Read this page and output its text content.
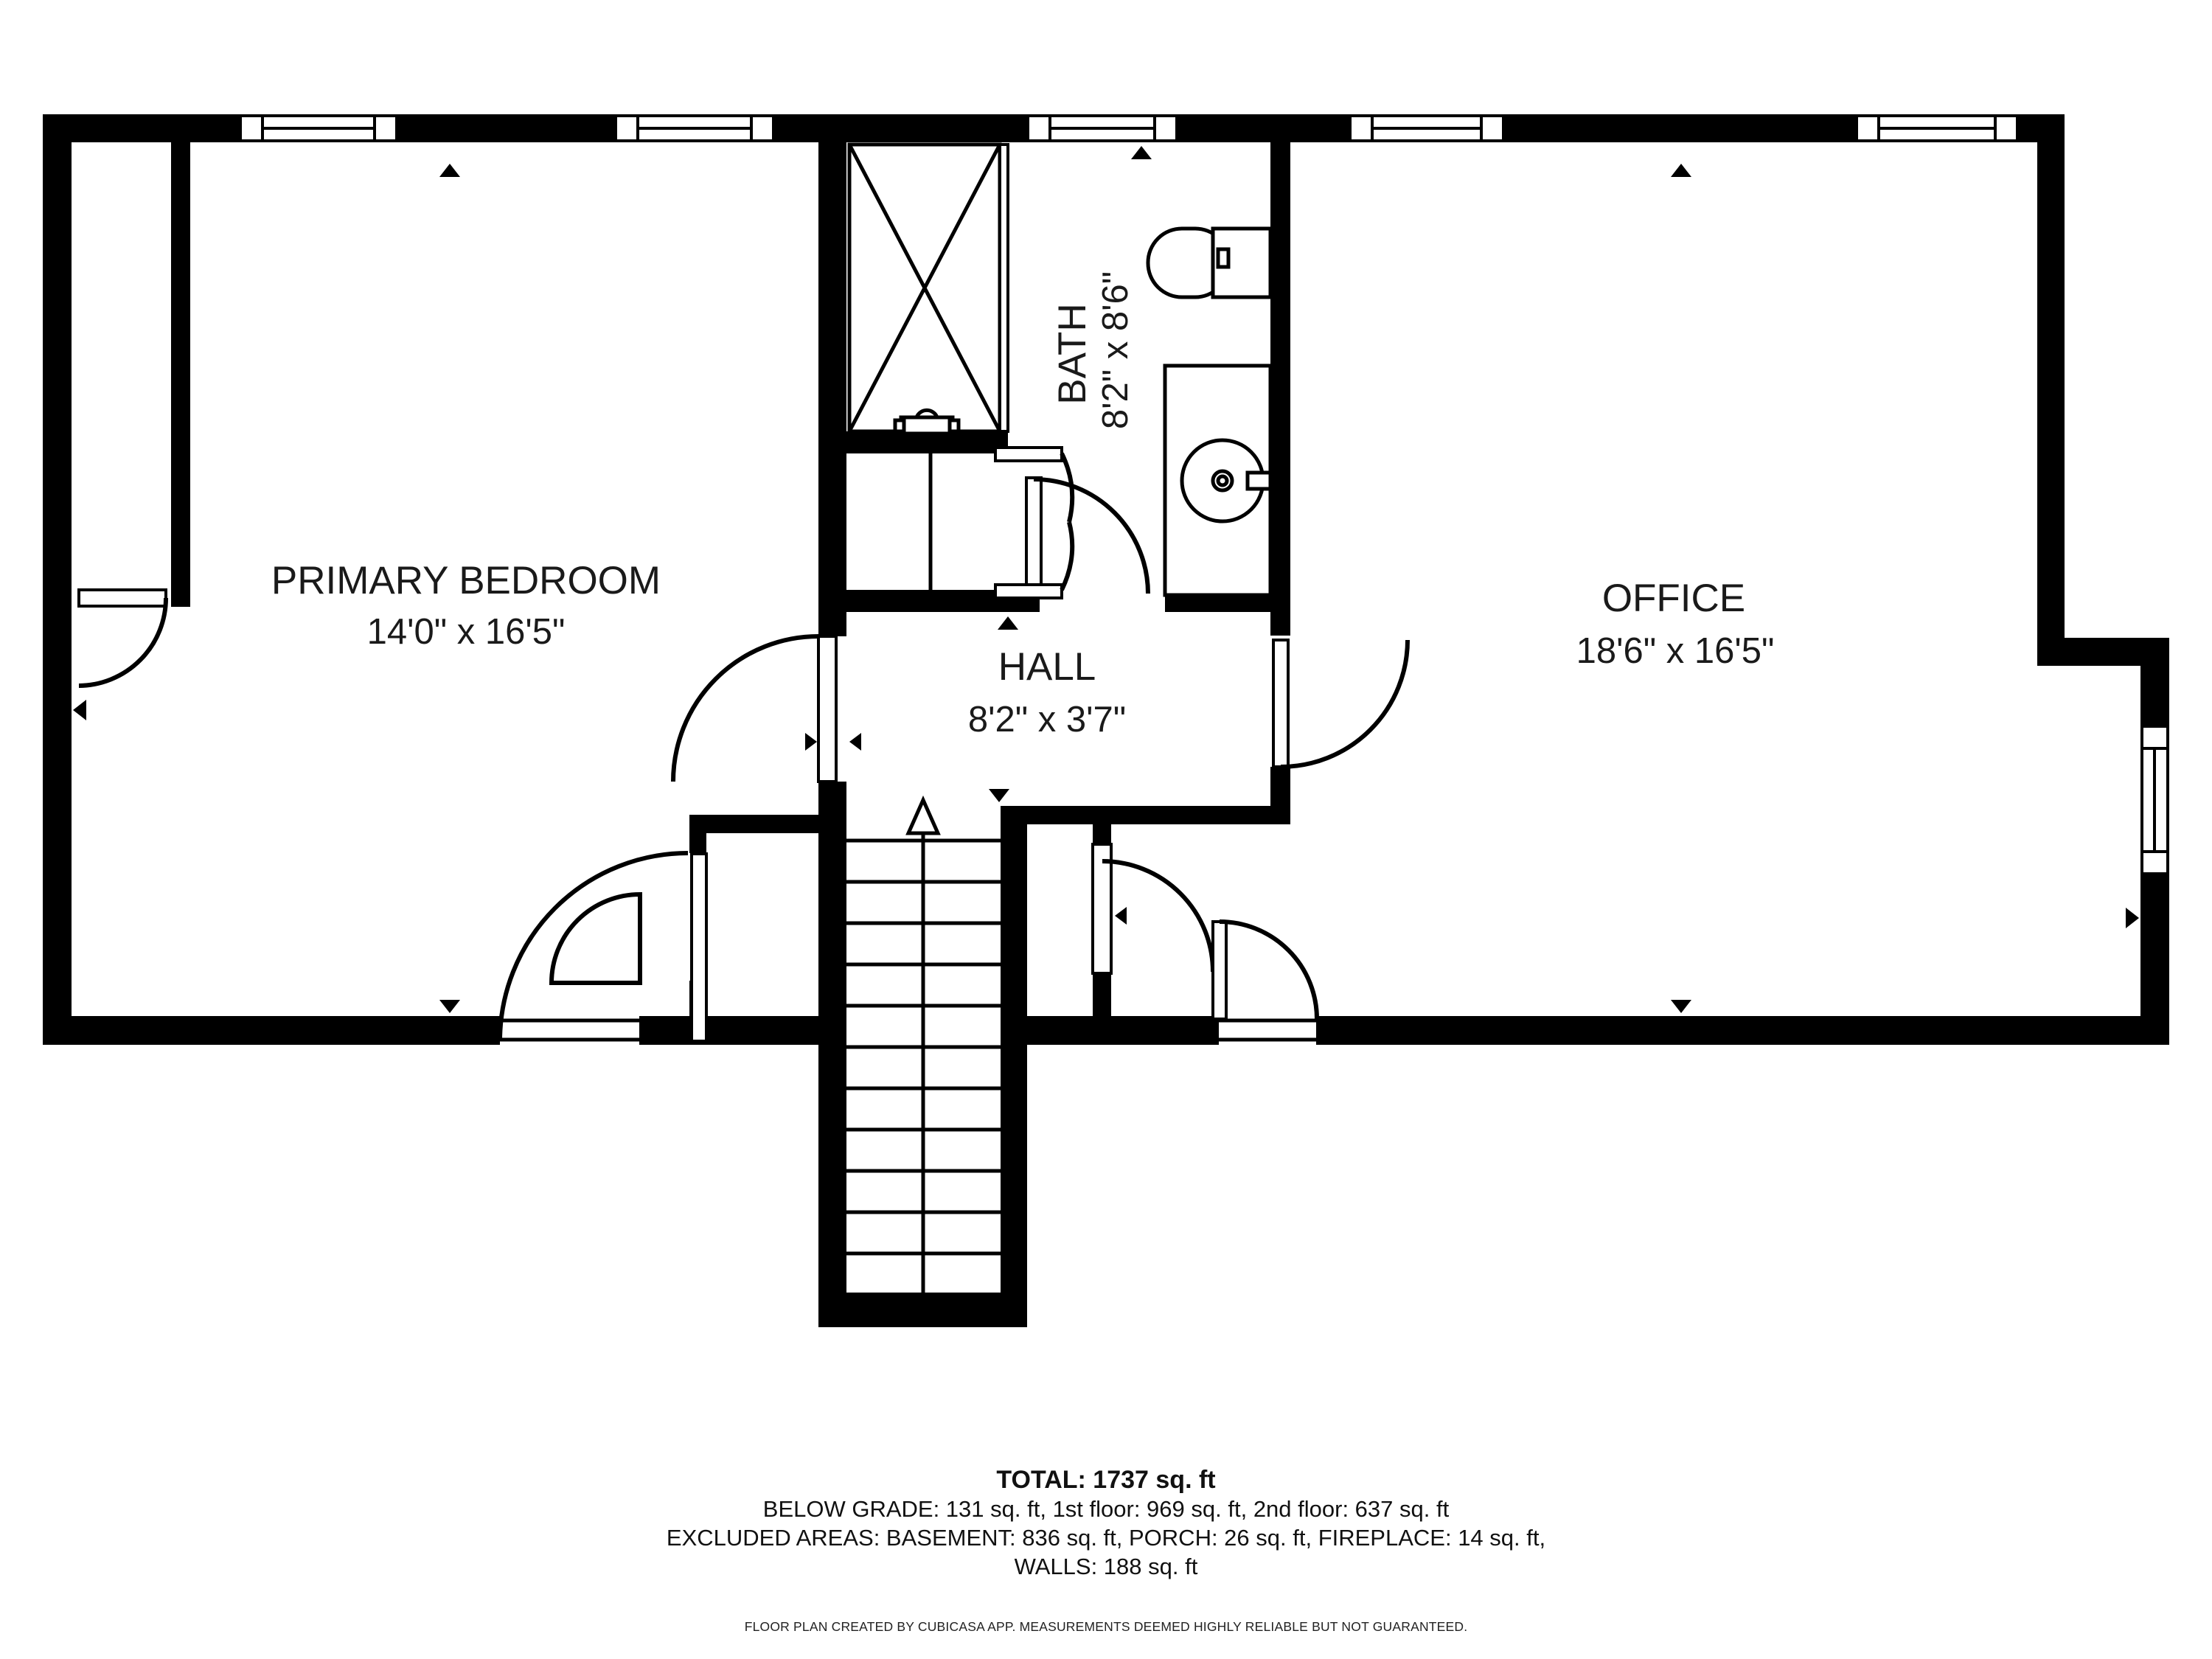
PRIMARY BEDROOM
14'0" x 16'5"
BATH 8'2" x 8'6"
HALL
8'2" x 3'7"
OFFICE
18'6" x 16'5"
TOTAL: 1737 sq. ft
BELOW GRADE: 131 sq. ft, 1st floor: 969 sq. ft, 2nd floor: 637 sq. ft
EXCLUDED AREAS: BASEMENT: 836 sq. ft, PORCH: 26 sq. ft, FIREPLACE: 14 sq. ft,
WALLS: 188 sq. ft
FLOOR PLAN CREATED BY CUBICASA APP. MEASUREMENTS DEEMED HIGHLY RELIABLE BUT NOT GUARANTEED.
